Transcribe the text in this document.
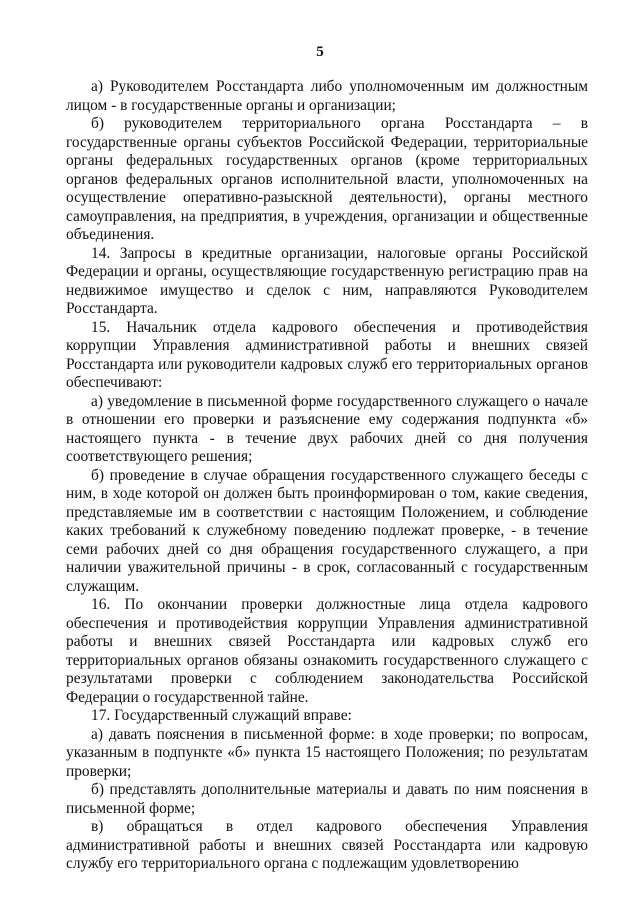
5

а) Руководителем Росстандарта либо уполномоченным им должностным лицом - в государственные органы и организации;

б) руководителем территориального органа Росстандарта – в государственные органы субъектов Российской Федерации, территориальные органы федеральных государственных органов (кроме территориальных органов федеральных органов исполнительной власти, уполномоченных на осуществление оперативно-разыскной деятельности), органы местного самоуправления, на предприятия, в учреждения, организации и общественные объединения.

14. Запросы в кредитные организации, налоговые органы Российской Федерации и органы, осуществляющие государственную регистрацию прав на недвижимое имущество и сделок с ним, направляются Руководителем Росстандарта.

15. Начальник отдела кадрового обеспечения и противодействия коррупции Управления административной работы и внешних связей Росстандарта или руководители кадровых служб его территориальных органов обеспечивают:

а) уведомление в письменной форме государственного служащего о начале в отношении его проверки и разъяснение ему содержания подпункта «б» настоящего пункта - в течение двух рабочих дней со дня получения соответствующего решения;

б) проведение в случае обращения государственного служащего беседы с ним, в ходе которой он должен быть проинформирован о том, какие сведения, представляемые им в соответствии с настоящим Положением, и соблюдение каких требований к служебному поведению подлежат проверке, - в течение семи рабочих дней со дня обращения государственного служащего, а при наличии уважительной причины - в срок, согласованный с государственным служащим.

16. По окончании проверки должностные лица отдела кадрового обеспечения и противодействия коррупции Управления административной работы и внешних связей Росстандарта или кадровых служб его территориальных органов обязаны ознакомить государственного служащего с результатами проверки с соблюдением законодательства Российской Федерации о государственной тайне.

17. Государственный служащий вправе:

а) давать пояснения в письменной форме: в ходе проверки; по вопросам, указанным в подпункте «б» пункта 15 настоящего Положения; по результатам проверки;

б) представлять дополнительные материалы и давать по ним пояснения в письменной форме;

в) обращаться в отдел кадрового обеспечения Управления административной работы и внешних связей Росстандарта или кадровую службу его территориального органа с подлежащим удовлетворению
